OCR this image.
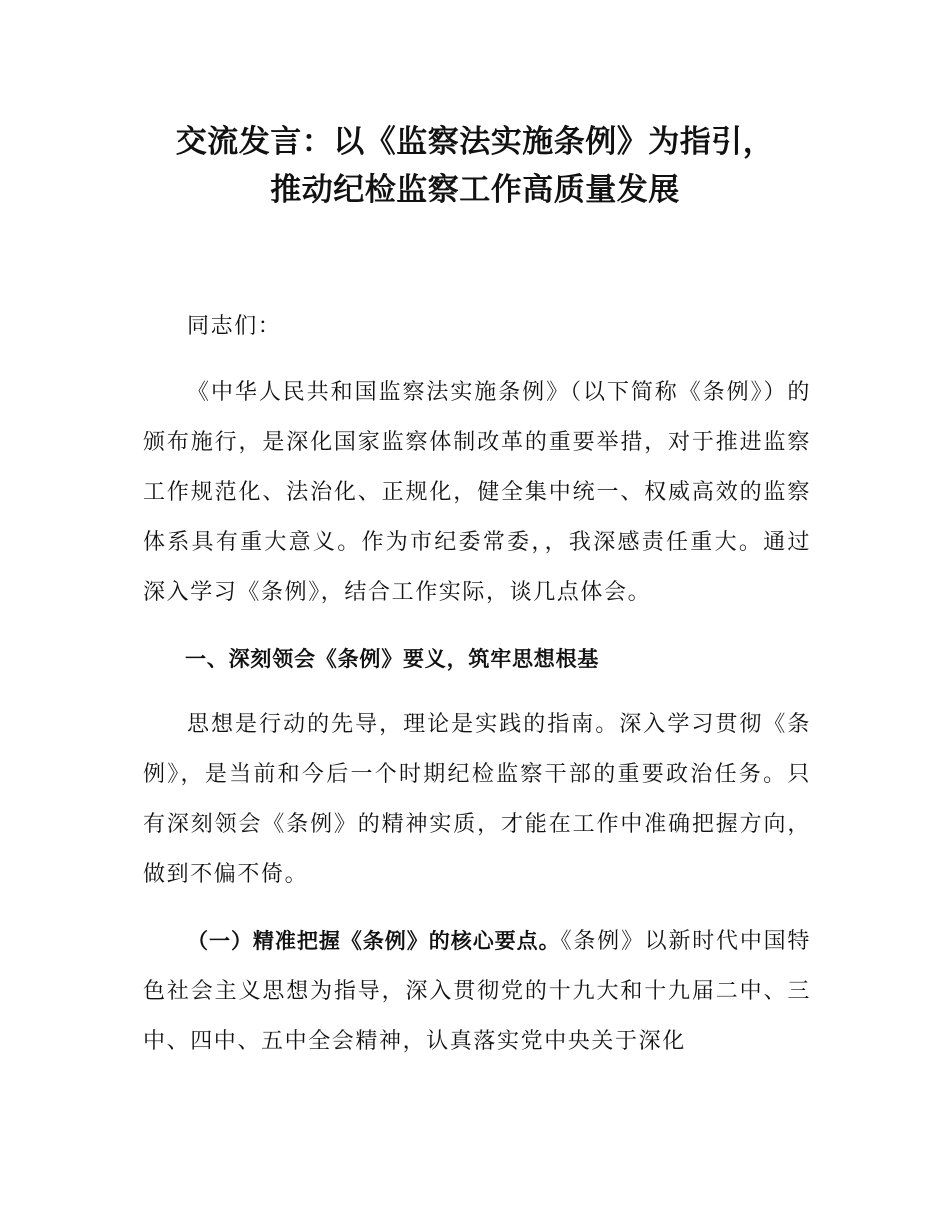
交流发言：以《监察法实施条例》为指引，
推动纪检监察工作高质量发展

同志们：

《中华人民共和国监察法实施条例》（以下简称《条例》）的颁布施行，是深化国家监察体制改革的重要举措，对于推进监察工作规范化、法治化、正规化，健全集中统一、权威高效的监察体系具有重大意义。作为市纪委常委，，我深感责任重大。通过深入学习《条例》，结合工作实际，谈几点体会。

一、深刻领会《条例》要义，筑牢思想根基

思想是行动的先导，理论是实践的指南。深入学习贯彻《条例》，是当前和今后一个时期纪检监察干部的重要政治任务。只有深刻领会《条例》的精神实质，才能在工作中准确把握方向，做到不偏不倚。

（一）精准把握《条例》的核心要点。《条例》以新时代中国特色社会主义思想为指导，深入贯彻党的十九大和十九届二中、三中、四中、五中全会精神，认真落实党中央关于深化
